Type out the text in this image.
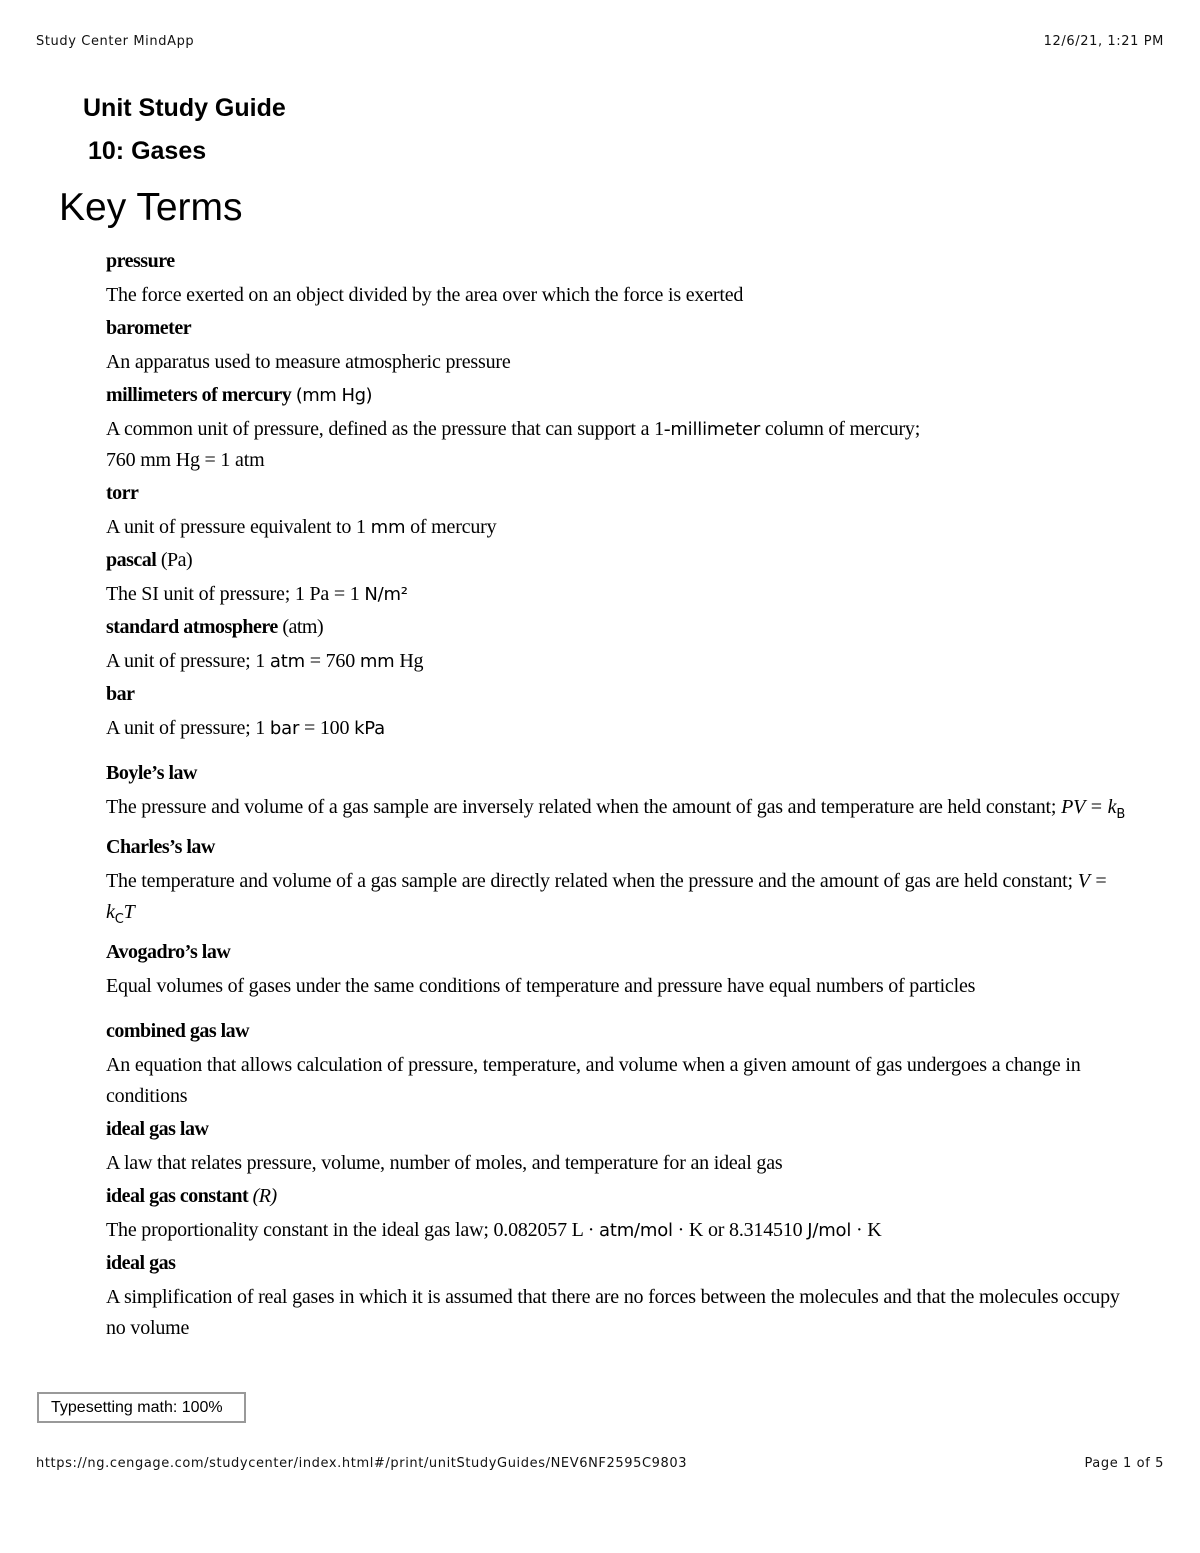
Study Center MindApp	12/6/21, 1:21 PM
Unit Study Guide
10: Gases
Key Terms

pressure

The force exerted on an object divided by the area over which the force is exerted

barometer

An apparatus used to measure atmospheric pressure

millimeters of mercury (mm Hg)

A common unit of pressure, defined as the pressure that can support a 1-millimeter column of mercury;
760 mm Hg = 1 atm

torr

A unit of pressure equivalent to 1 mm of mercury

pascal (Pa)

The SI unit of pressure; 1 Pa = 1 N/m²

standard atmosphere (atm)

A unit of pressure; 1 atm = 760 mm Hg

bar

A unit of pressure; 1 bar = 100 kPa

Boyle’s law

The pressure and volume of a gas sample are inversely related when the amount of gas and temperature are held constant; PV = $k_B$

Charles’s law

The temperature and volume of a gas sample are directly related when the pressure and the amount of gas are held constant; $V = k_CT$

Avogadro’s law

Equal volumes of gases under the same conditions of temperature and pressure have equal numbers of particles

combined gas law

An equation that allows calculation of pressure, temperature, and volume when a given amount of gas undergoes a change in conditions

ideal gas law

A law that relates pressure, volume, number of moles, and temperature for an ideal gas

ideal gas constant (R)

The proportionality constant in the ideal gas law; 0.082057 L · atm/mol · K or 8.314510 J/mol · K

ideal gas

A simplification of real gases in which it is assumed that there are no forces between the molecules and that the molecules occupy no volume

Typesetting math: 100%
https://ng.cengage.com/studycenter/index.html#/print/unitStudyGuides/NEV6NF2595C9803	Page 1 of 5
